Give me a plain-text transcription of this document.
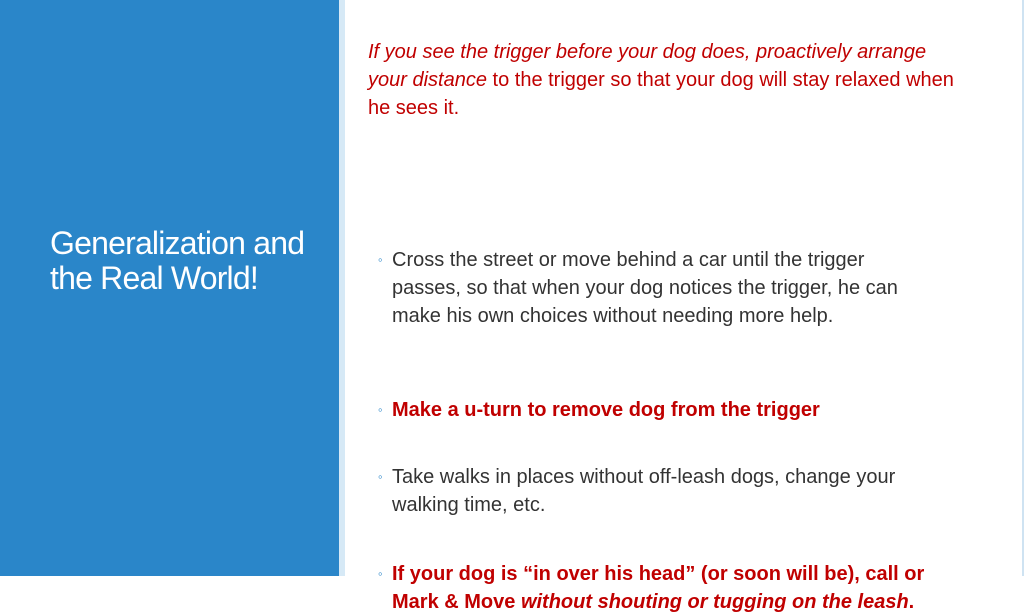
Generalization and the Real World!

If you see the trigger before your dog does, proactively arrange your distance to the trigger so that your dog will stay relaxed when he sees it.

◦ Cross the street or move behind a car until the trigger passes, so that when your dog notices the trigger, he can make his own choices without needing more help.
◦ Make a u-turn to remove dog from the trigger
◦ Take walks in places without off-leash dogs, change your walking time, etc.
◦ If your dog is “in over his head” (or soon will be), call or Mark & Move without shouting or tugging on the leash.
